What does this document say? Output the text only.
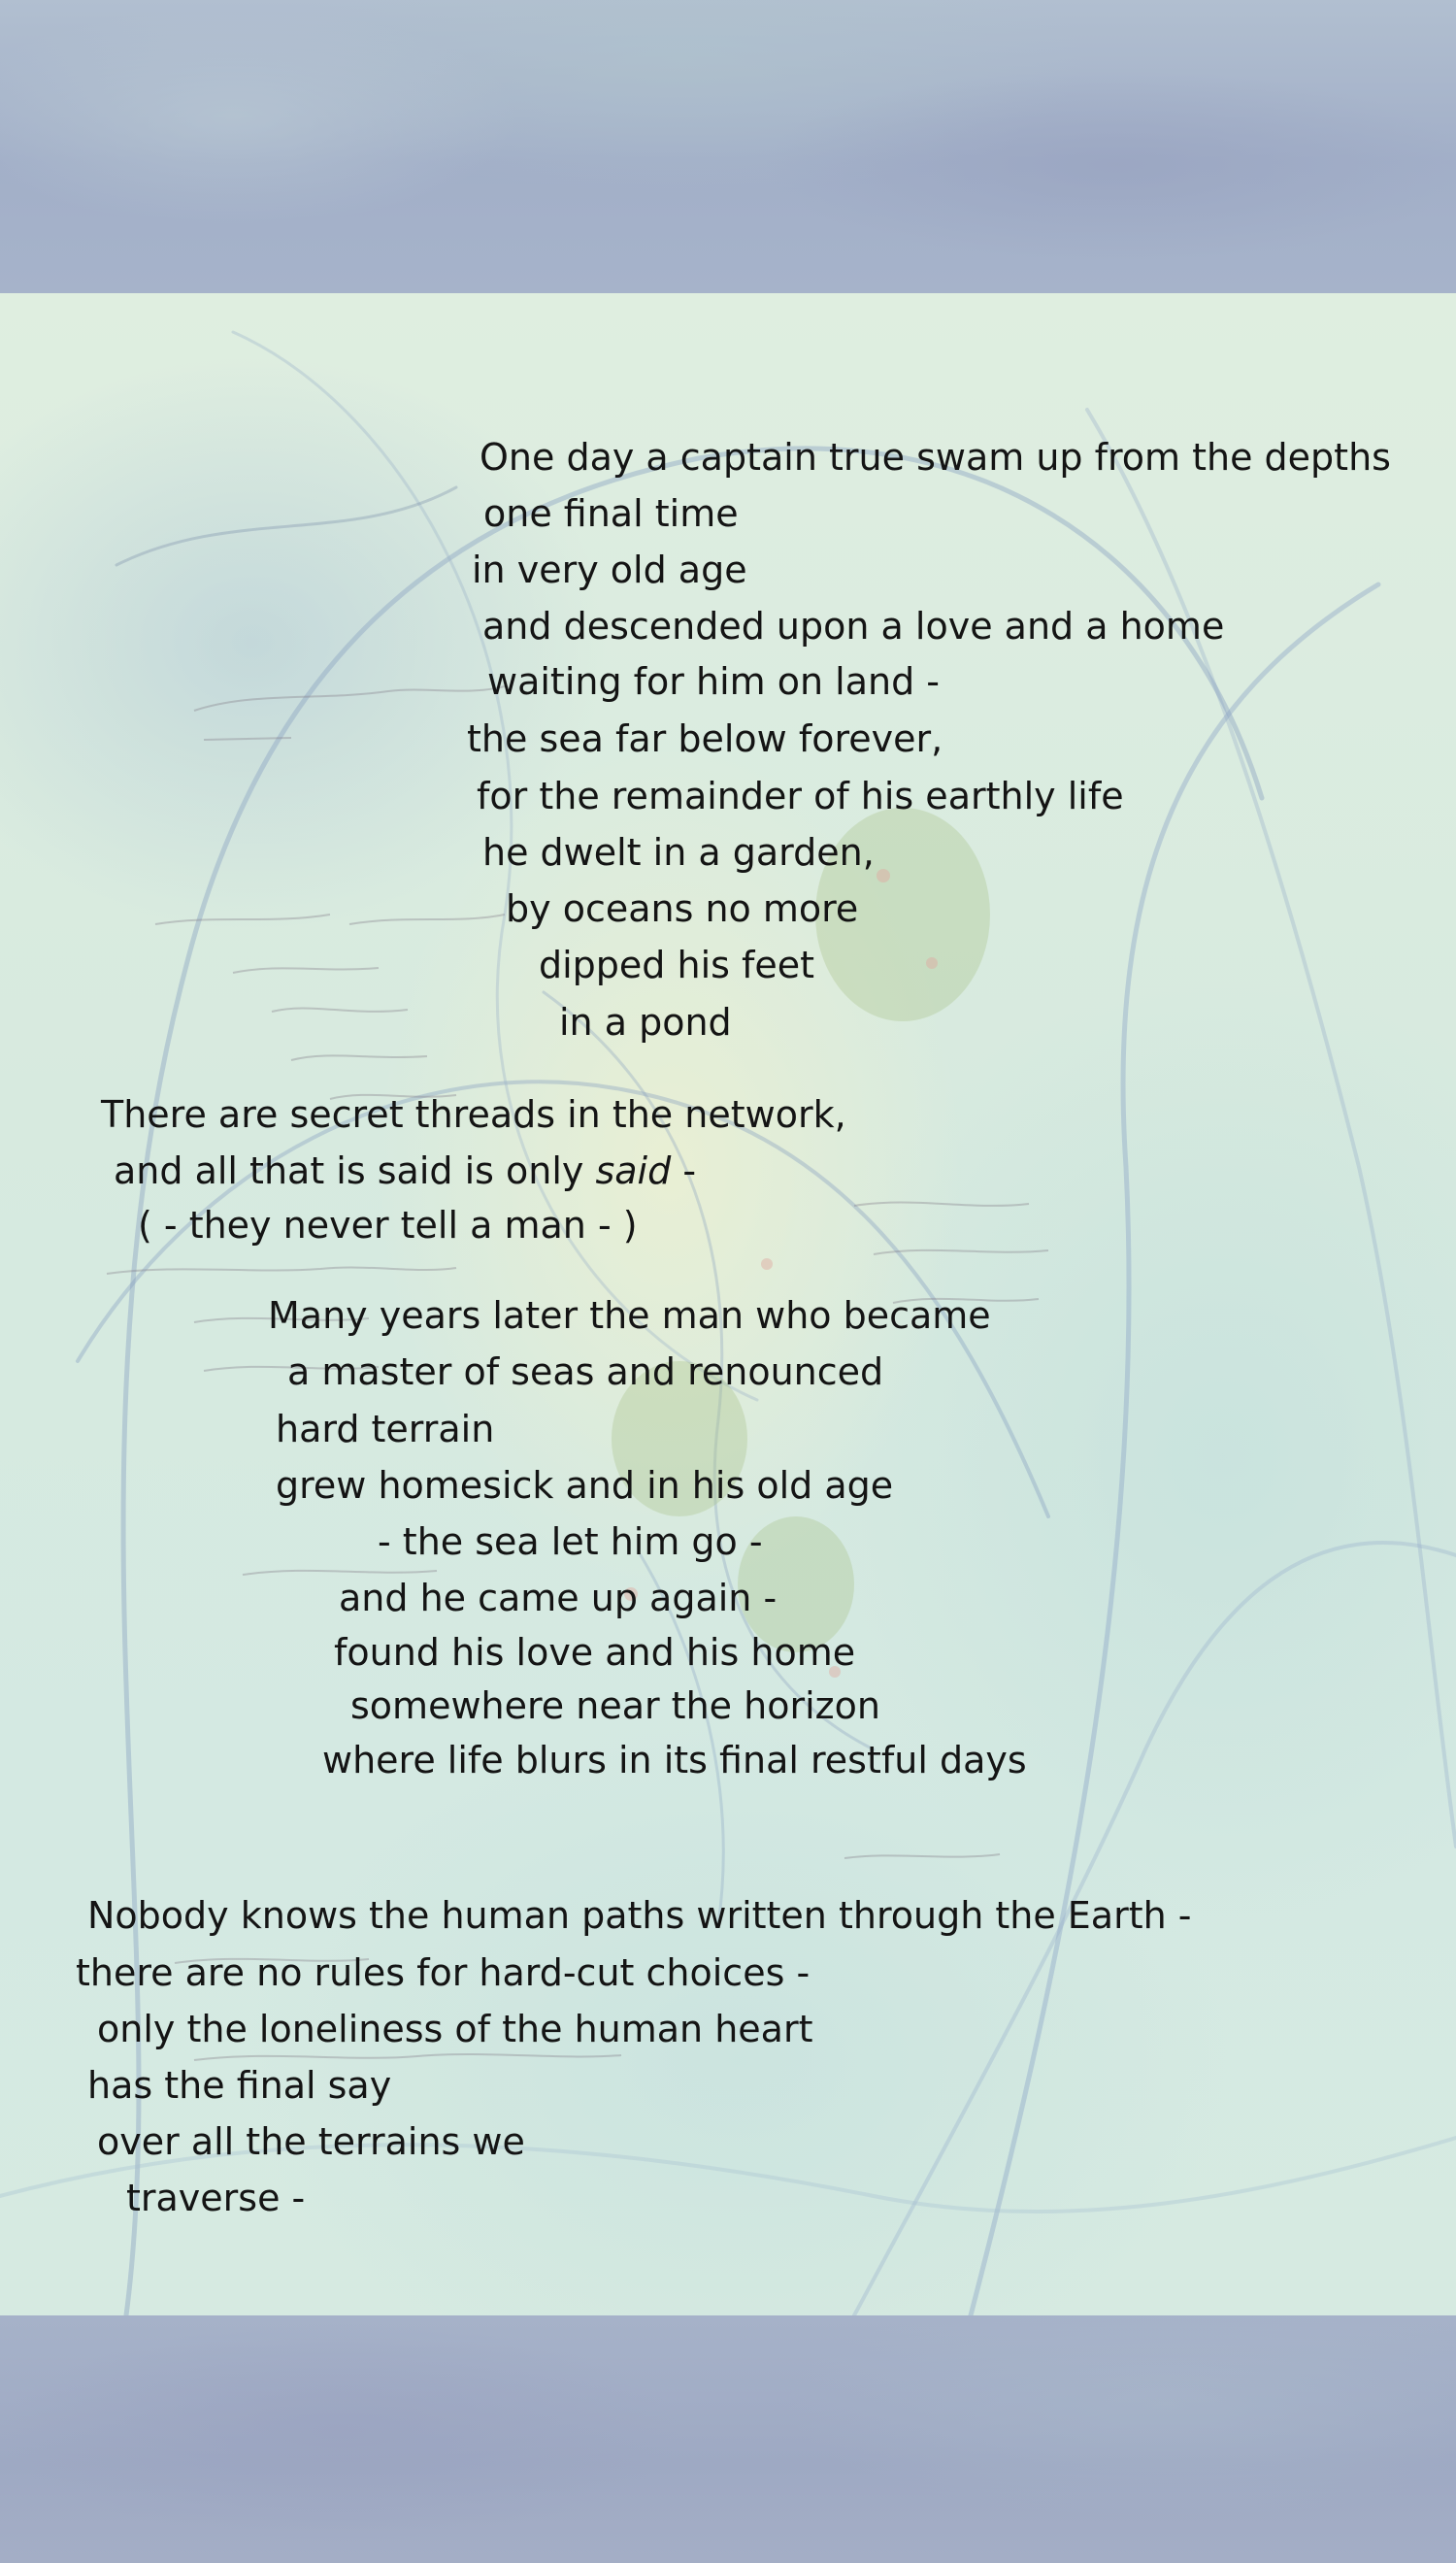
One day a captain true swam up from the depths
one final time
in very old age
and descended upon a love and a home
waiting for him on land -
the sea far below forever,
for the remainder of his earthly life
he dwelt in a garden,
by oceans no more
dipped his feet
in a pond
There are secret threads in the network,
and all that is said is only said -
( - they never tell a man - )
Many years later the man who became
a master of seas and renounced
hard terrain
grew homesick and in his old age
- the sea let him go -
and he came up again -
found his love and his home
somewhere near the horizon
where life blurs in its final restful days
Nobody knows the human paths written through the Earth -
there are no rules for hard-cut choices -
only the loneliness of the human heart
has the final say
over all the terrains we
traverse -
